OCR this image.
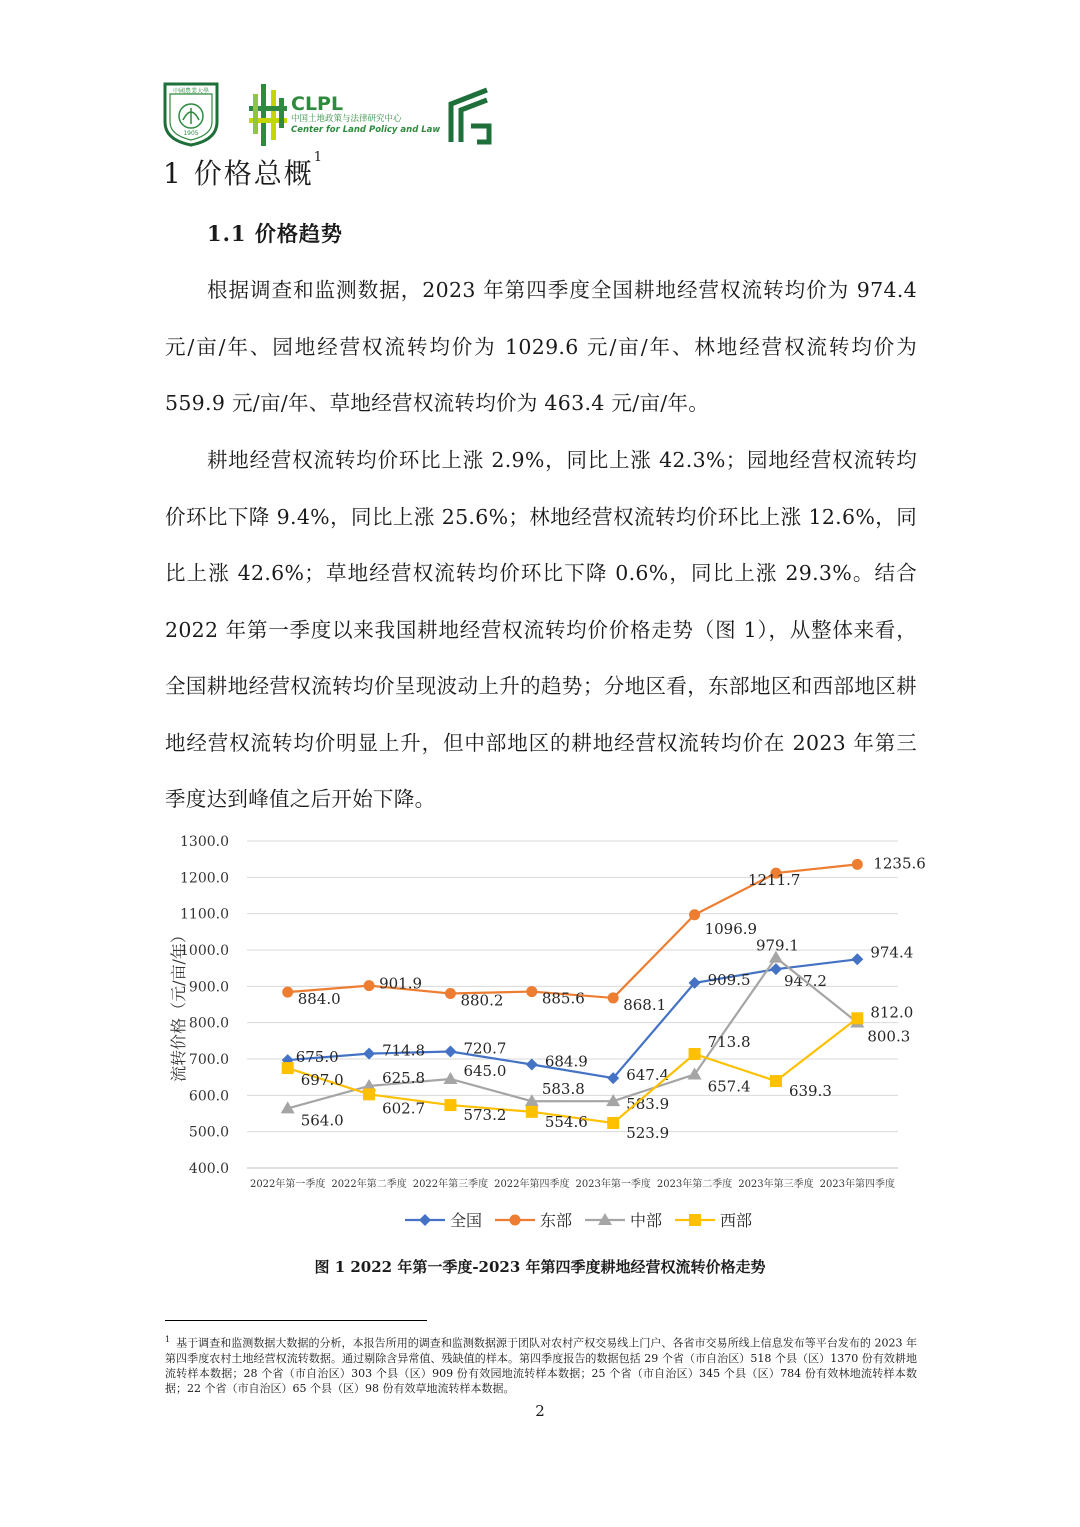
中國農業大學
1905
CLPL
中国土地政策与法律研究中心
Center for Land Policy and Law
1 价格总概$^1$
1.1 价格趋势

根据调查和监测数据，2023 年第四季度全国耕地经营权流转均价为 974.4 元/亩/年、园地经营权流转均价为 1029.6 元/亩/年、林地经营权流转均价为 559.9 元/亩/年、草地经营权流转均价为 463.4 元/亩/年。

耕地经营权流转均价环比上涨 2.9%，同比上涨 42.3%；园地经营权流转均价环比下降 9.4%，同比上涨 25.6%；林地经营权流转均价环比上涨 12.6%，同比上涨 42.6%；草地经营权流转均价环比下降 0.6%，同比上涨 29.3%。结合 2022 年第一季度以来我国耕地经营权流转均价价格走势（图 1），从整体来看，全国耕地经营权流转均价呈现波动上升的趋势；分地区看，东部地区和西部地区耕地经营权流转均价明显上升，但中部地区的耕地经营权流转均价在 2023 年第三季度达到峰值之后开始下降。

400.0
500.0
600.0
700.0
800.0
900.0
1000.0
1100.0
1200.0
1300.0
2022年第一季度 2022年第二季度 2022年第三季度 2022年第四季度 2023年第一季度 2023年第二季度 2023年第三季度 2023年第四季度
流转价格（元/亩/年）	675.0	714.8	720.7
684.9
647.4
909.5 947.2
974.4
884.0
901.9
880.2	885.6	868.1
1096.9
1211.7
1235.6
564.0
625.8	645.0
583.8
583.9
657.4
979.1
800.3
697.0
602.7	573.2	554.6
523.9
713.8
639.3
812.0
全国	东部	中部	西部
图 1 2022 年第一季度-2023 年第四季度耕地经营权流转价格走势

$^1$ 基于调查和监测数据大数据的分析，本报告所用的调查和监测数据源于团队对农村产权交易线上门户、各省市交易所线上信息发布等平台发布的 2023 年第四季度农村土地经营权流转数据。通过剔除含异常值、残缺值的样本。第四季度报告的数据包括 29 个省（市自治区）518 个县（区）1370 份有效耕地流转样本数据；28 个省（市自治区）303 个县（区）909 份有效园地流转样本数据；25 个省（市自治区）345 个县（区）784 份有效林地流转样本数据；22 个省（市自治区）65 个县（区）98 份有效草地流转样本数据。

2
